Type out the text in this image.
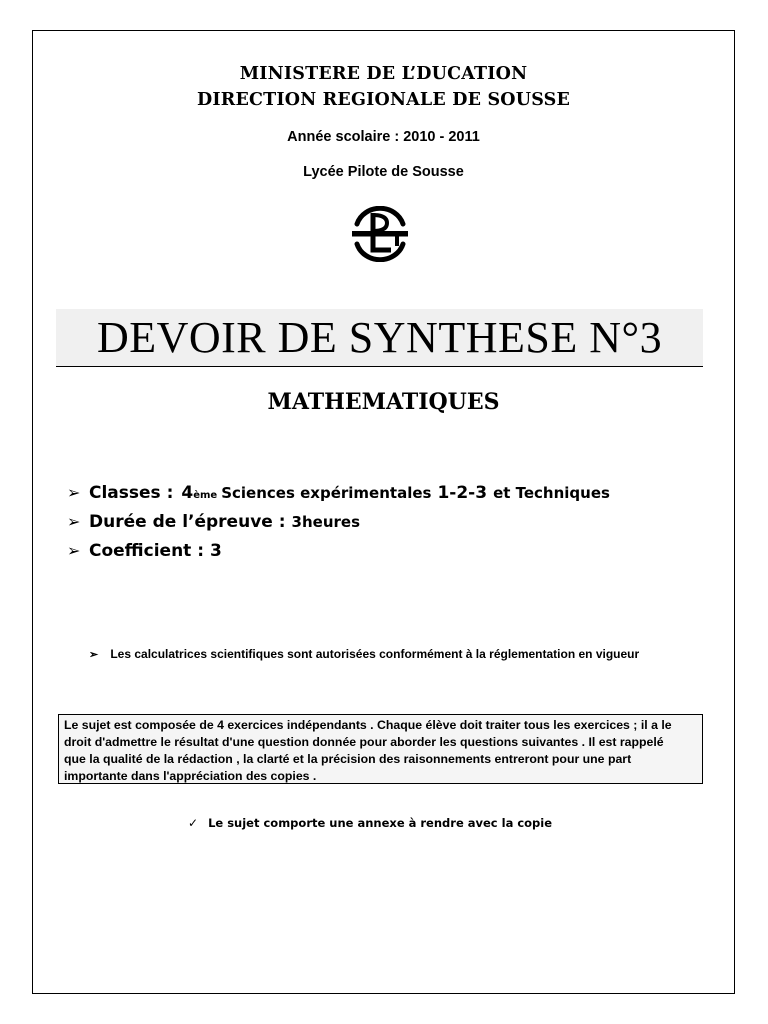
MINISTERE DE L’DUCATION
DIRECTION REGIONALE DE SOUSSE
Année scolaire : 2010 - 2011
Lycée Pilote de Sousse
DEVOIR DE SYNTHESE N°3
MATHEMATIQUES
➢ Classes : 4 ème Sciences expérimentales 1-2-3 et Techniques
➢ Durée de l’épreuve : 3heures
➢ Coefficient : 3
➢ Les calculatrices scientifiques sont autorisées conformément à la réglementation en vigueur
Le sujet est composée de 4 exercices indépendants . Chaque élève doit traiter tous les exercices ; il a le
droit d'admettre le résultat d'une question donnée pour aborder les questions suivantes . Il est rappelé
que la qualité de la rédaction , la clarté et la précision des raisonnements entreront pour une part
importante dans l'appréciation des copies .
✓ Le sujet comporte une annexe à rendre avec la copie
